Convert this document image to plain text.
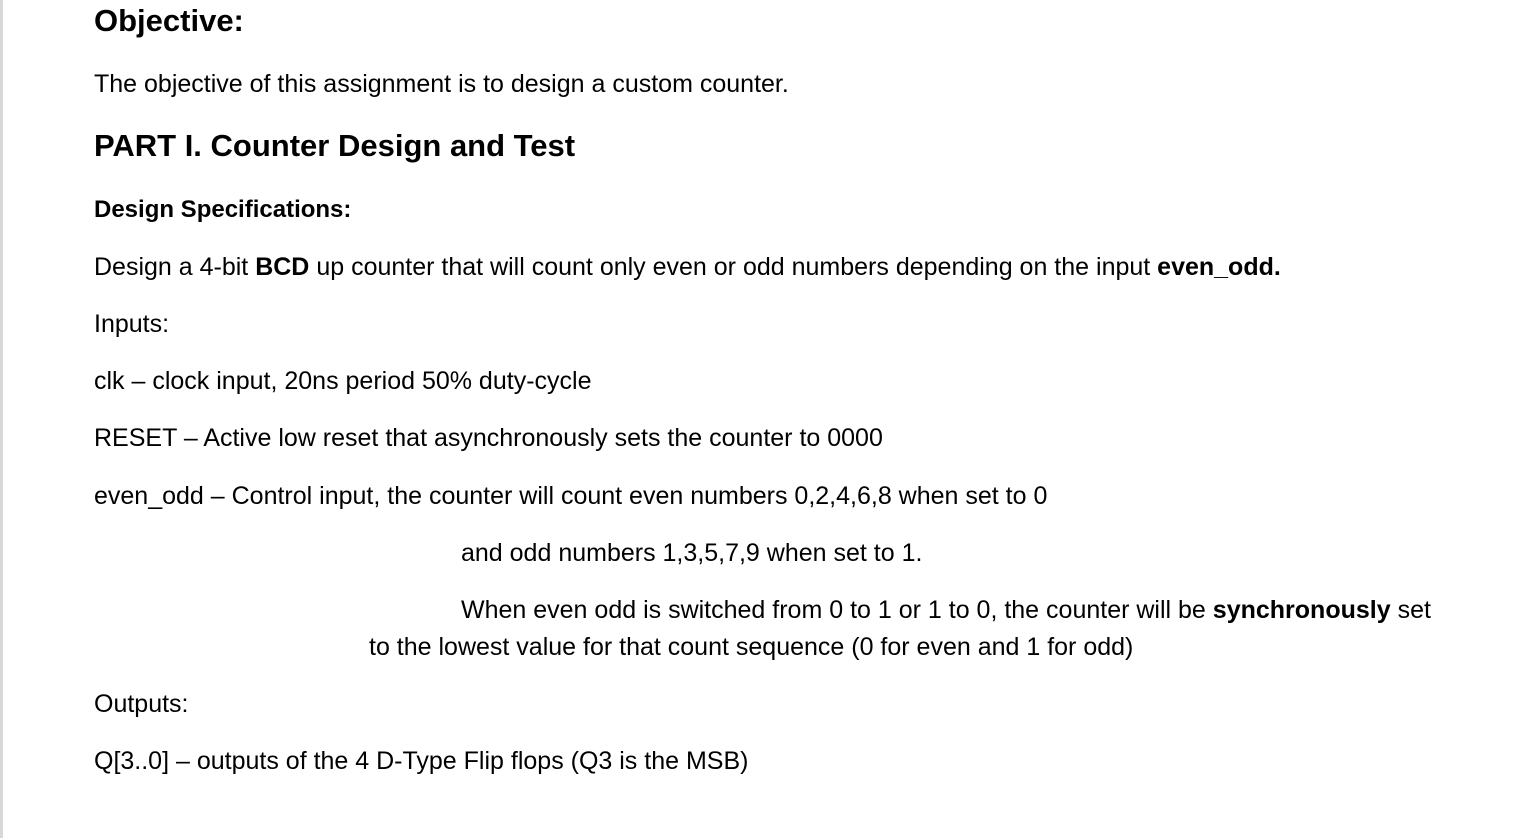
Objective:
The objective of this assignment is to design a custom counter.
PART I. Counter Design and Test
Design Specifications:
Design a 4-bit BCD up counter that will count only even or odd numbers depending on the input even_odd.
Inputs:
clk – clock input, 20ns period 50% duty-cycle
RESET – Active low reset that asynchronously sets the counter to 0000
even_odd – Control input, the counter will count even numbers 0,2,4,6,8 when set to 0
and odd numbers 1,3,5,7,9 when set to 1.
When even odd is switched from 0 to 1 or 1 to 0, the counter will be synchronously set
to the lowest value for that count sequence (0 for even and 1 for odd)
Outputs:
Q[3..0] – outputs of the 4 D-Type Flip flops (Q3 is the MSB)
